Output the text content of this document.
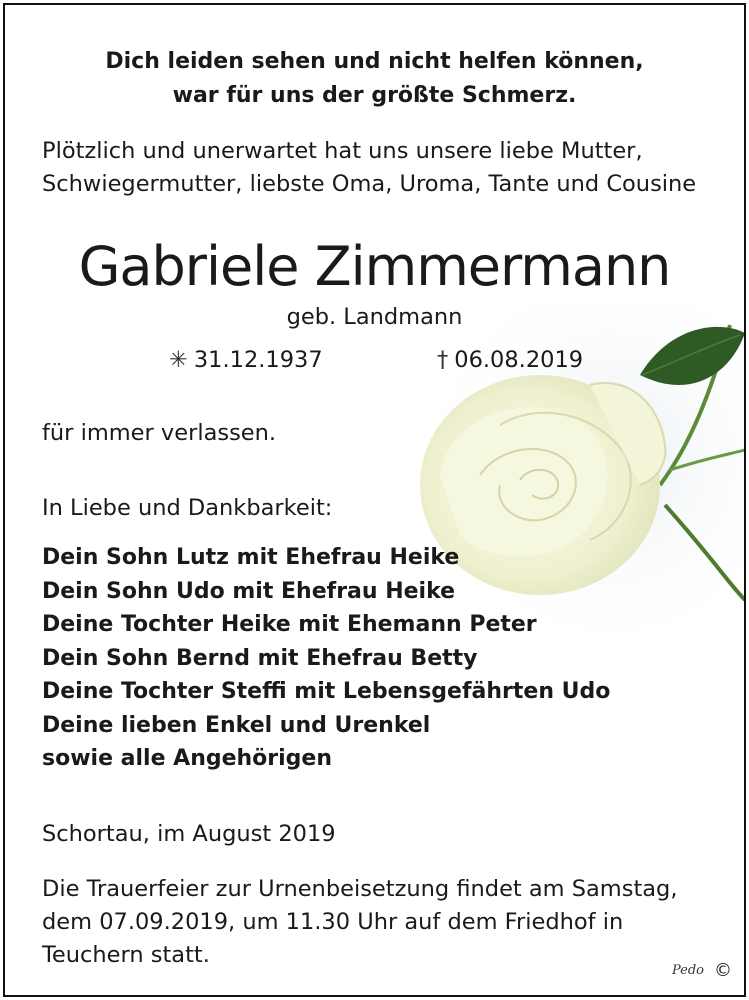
Dich leiden sehen und nicht helfen können,
war für uns der größte Schmerz.
Plötzlich und unerwartet hat uns unsere liebe Mutter,
Schwiegermutter, liebste Oma, Uroma, Tante und Cousine
Gabriele Zimmermann
geb. Landmann
✳ 31.12.1937	† 06.08.2019
für immer verlassen.
In Liebe und Dankbarkeit:
Dein Sohn Lutz mit Ehefrau Heike
Dein Sohn Udo mit Ehefrau Heike
Deine Tochter Heike mit Ehemann Peter
Dein Sohn Bernd mit Ehefrau Betty
Deine Tochter Steffi mit Lebensgefährten Udo
Deine lieben Enkel und Urenkel
sowie alle Angehörigen
Schortau, im August 2019
Die Trauerfeier zur Urnenbeisetzung findet am Samstag,
dem 07.09.2019, um 11.30 Uhr auf dem Friedhof in
Teuchern statt.
Pedo ©
